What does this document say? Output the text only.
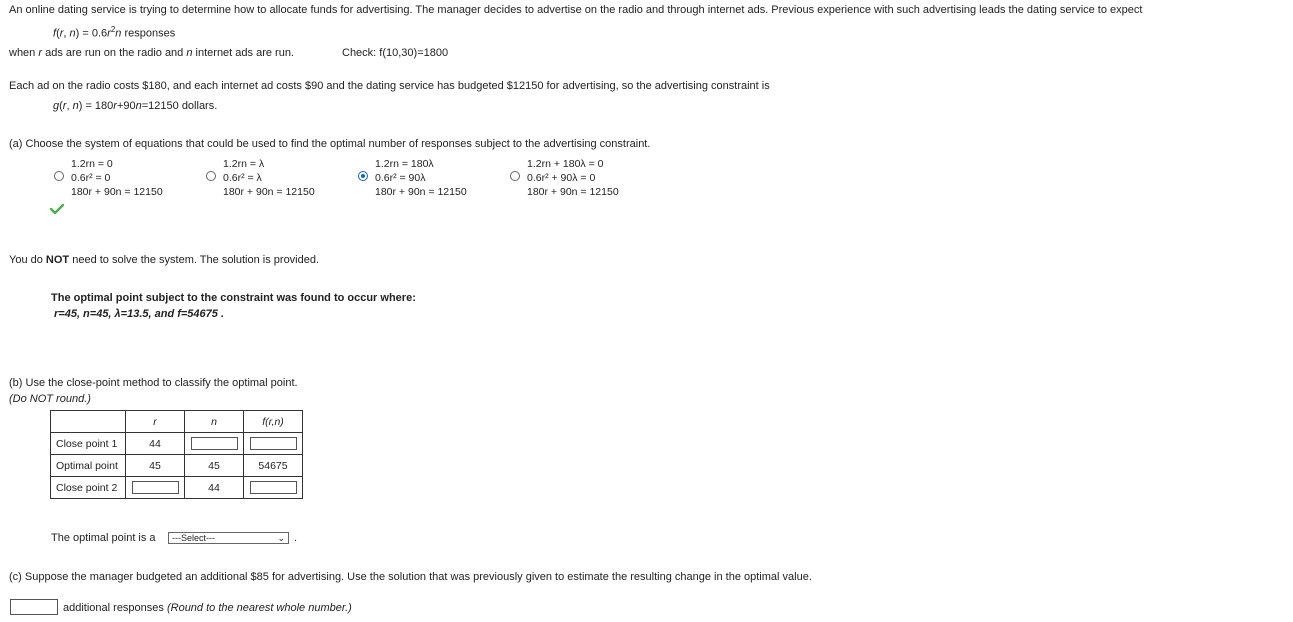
An online dating service is trying to determine how to allocate funds for advertising. The manager decides to advertise on the radio and through internet ads. Previous experience with such advertising leads the dating service to expect
f(r, $n) = 0.6r^2n$ responses
when r ads are run on the radio and n internet ads are run.	Check: f(10,30)=1800
Each ad on the radio costs $180, and each internet ad costs $90 and the dating service has budgeted $12150 for advertising, so the advertising constraint is
g(r, n) = 180r+90n=12150 dollars.
(a) Choose the system of equations that could be used to find the optimal number of responses subject to the advertising constraint.
1.2rn = 0
0.6r² = 0
180r + 90n = 12150
1.2rn = λ
0.6r² = λ
180r + 90n = 12150
1.2rn = 180λ
0.6r² = 90λ
180r + 90n = 12150
1.2rn + 180λ = 0
0.6r² + 90λ = 0
180r + 90n = 12150
You do NOT need to solve the system. The solution is provided.
The optimal point subject to the constraint was found to occur where:
r=45, n=45, λ=13.5, and f=54675 .
(b) Use the close-point method to classify the optimal point.
(Do NOT round.)
	r	n	f(r,n)
Close point 1	44		
Optimal point	45	45	54675
Close point 2		44	
The optimal point is a	---Select---	⌄ .
(c) Suppose the manager budgeted an additional $85 for advertising. Use the solution that was previously given to estimate the resulting change in the optimal value.
additional responses (Round to the nearest whole number.)
